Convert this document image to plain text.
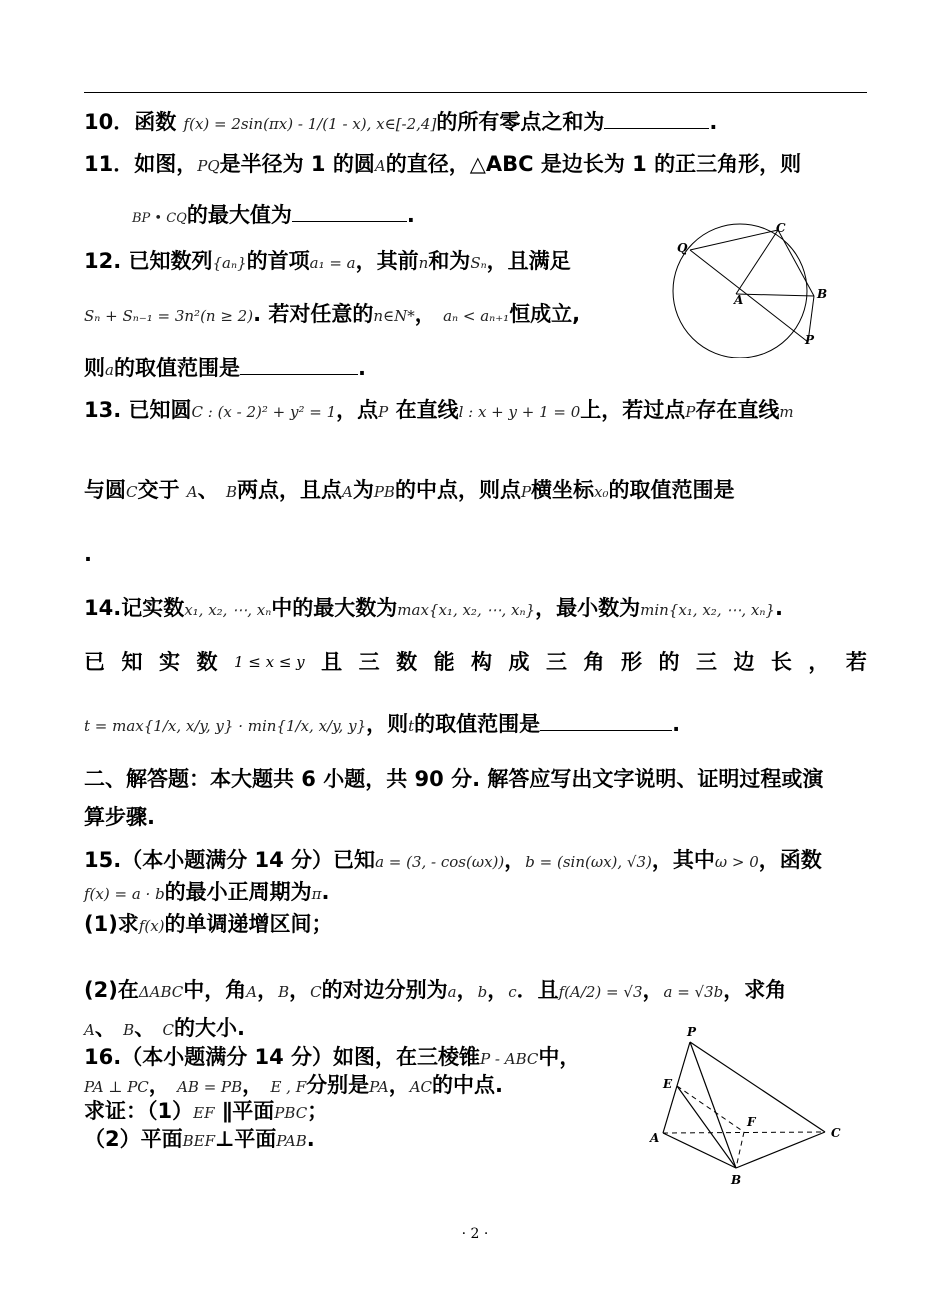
10．函数 f(x) = 2sin(πx) - 1/(1 - x), x∈[-2,4]的所有零点之和为	.
11．如图，PQ是半径为 1 的圆A的直径，△ABC 是边长为 1 的正三角形，则
BP • CQ的最大值为	.
12. 已知数列{aₙ}的首项a₁ = a，其前n和为Sₙ，且满足
Sₙ + Sₙ₋₁ = 3n²(n ≥ 2). 若对任意的n∈N*， aₙ < aₙ₊₁恒成立,
则a的取值范围是	.
Q
C
A	B
P
13. 已知圆C : (x - 2)² + y² = 1，点P 在直线l : x + y + 1 = 0上，若过点P存在直线m
与圆C交于 A、 B两点，且点A为PB的中点，则点P横坐标x₀的取值范围是
.
14.记实数x₁, x₂, ⋯, xₙ中的最大数为max{x₁, x₂, ⋯, xₙ}，最小数为min{x₁, x₂, ⋯, xₙ}.
已 知 实 数 1 ≤ x ≤ y 且 三 数 能 构 成 三 角 形 的 三 边 长 ， 若
t = max{1/x, x/y, y} · min{1/x, x/y, y}，则t的取值范围是	.
二、解答题：本大题共 6 小题，共 90 分. 解答应写出文字说明、证明过程或演
算步骤.
15.（本小题满分 14 分）已知a = (3, - cos(ωx))，b = (sin(ωx), √3)，其中ω > 0，函数
f(x) = a · b的最小正周期为π.
(1)求f(x)的单调递增区间；
(2)在ΔABC中，角A，B，C的对边分别为a，b，c．且f(A/2) = √3，a = √3b，求角
A、 B、 C的大小.
16.（本小题满分 14 分）如图，在三棱锥P - ABC中，
PA ⊥ PC， AB = PB， E , F分别是PA，AC的中点.
求证：（1）EF ∥平面PBC；
（2）平面BEF⊥平面PAB.
P
E
F
A
B
C
· 2 ·
